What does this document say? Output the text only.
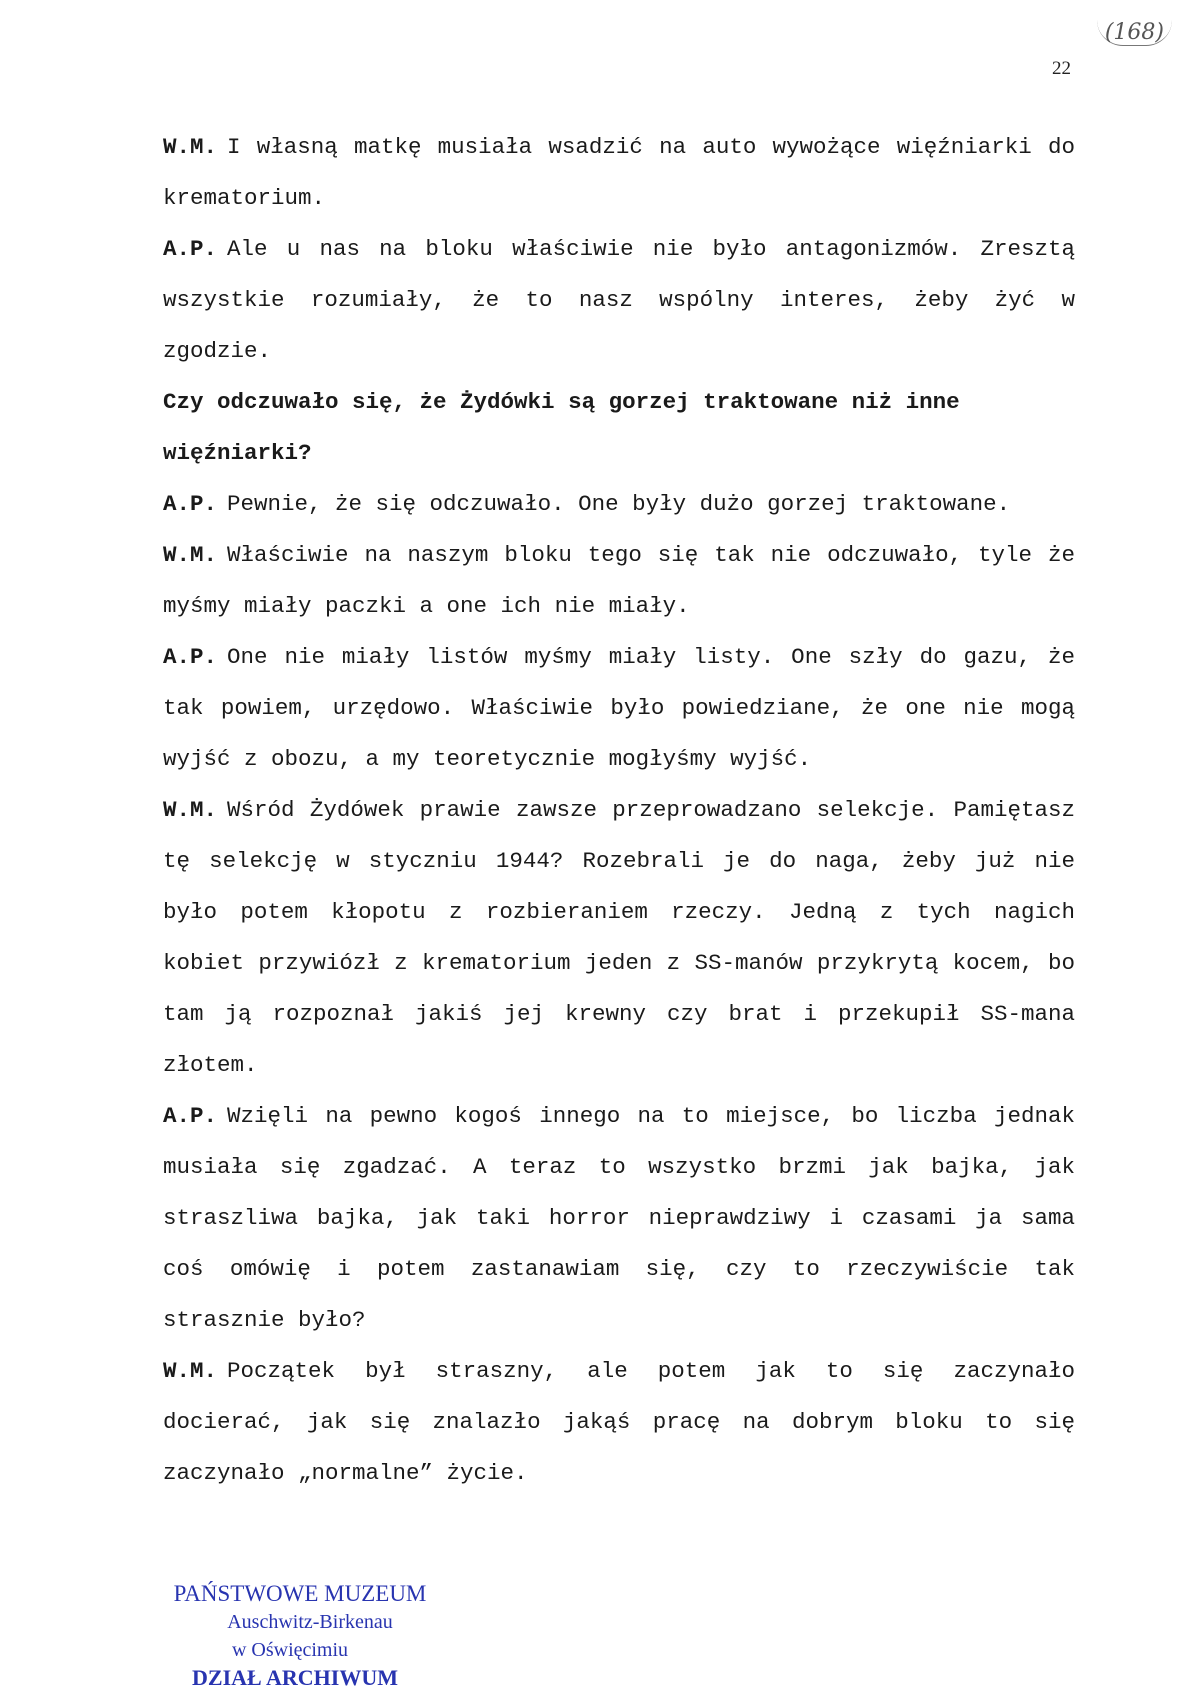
(168)
22

W.M. I własną matkę musiała wsadzić na auto wywożące więźniarki do krematorium.

A.P. Ale u nas na bloku właściwie nie było antagonizmów. Zresztą wszystkie rozumiały, że to nasz wspólny interes, żeby żyć w zgodzie.

Czy odczuwało się, że Żydówki są gorzej traktowane niż inne więźniarki?

A.P. Pewnie, że się odczuwało. One były dużo gorzej traktowane.

W.M. Właściwie na naszym bloku tego się tak nie odczuwało, tyle że myśmy miały paczki a one ich nie miały.

A.P. One nie miały listów myśmy miały listy. One szły do gazu, że tak powiem, urzędowo. Właściwie było powiedziane, że one nie mogą wyjść z obozu, a my teoretycznie mogłyśmy wyjść.

W.M. Wśród Żydówek prawie zawsze przeprowadzano selekcje. Pamiętasz tę selekcję w styczniu 1944? Rozebrali je do naga, żeby już nie było potem kłopotu z rozbieraniem rzeczy. Jedną z tych nagich kobiet przywiózł z krematorium jeden z SS-manów przykrytą kocem, bo tam ją rozpoznał jakiś jej krewny czy brat i przekupił SS-mana złotem.

A.P. Wzięli na pewno kogoś innego na to miejsce, bo liczba jednak musiała się zgadzać. A teraz to wszystko brzmi jak bajka, jak straszliwa bajka, jak taki horror nieprawdziwy i czasami ja sama coś omówię i potem zastanawiam się, czy to rzeczywiście tak strasznie było?

W.M. Początek był straszny, ale potem jak to się zaczynało docierać, jak się znalazło jakąś pracę na dobrym bloku to się zaczynało „normalne” życie.

PAŃSTWOWE MUZEUM
Auschwitz-Birkenau
w Oświęcimiu
DZIAŁ ARCHIWUM
